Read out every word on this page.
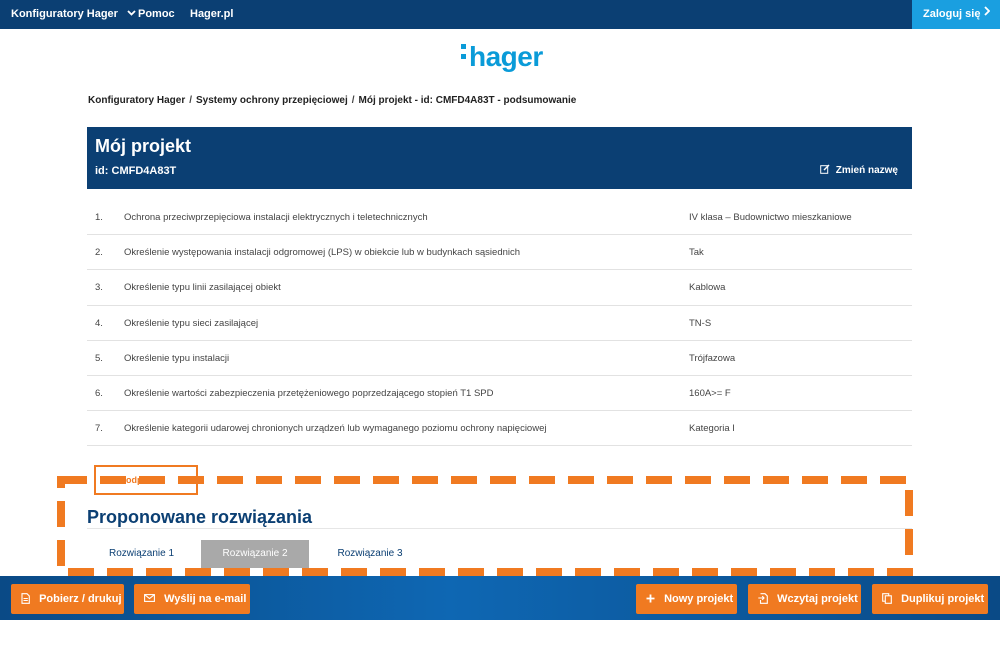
Konfiguratory Hager	Pomoc Hager.pl	Zaloguj się
hager
Konfiguratory Hager / Systemy ochrony przepięciowej / Mój projekt - id: CMFD4A83T - podsumowanie
Mój projekt
id: CMFD4A83T	Zmień nazwę
1. Ochrona przeciwprzepięciowa instalacji elektrycznych i teletechnicznych	IV klasa – Budownictwo mieszkaniowe
2. Określenie występowania instalacji odgromowej (LPS) w obiekcie lub w budynkach sąsiednich	Tak
3. Określenie typu linii zasilającej obiekt	Kablowa
4. Określenie typu sieci zasilającej	TN-S
5. Określenie typu instalacji	Trójfazowa
6. Określenie wartości zabezpieczenia przetężeniowego poprzedzającego stopień T1 SPD	160A>= F
7. Określenie kategorii udarowej chronionych urządzeń lub wymaganego poziomu ochrony napięciowej	Kategoria I
Proponowane rozwiązania
Rozwiązanie 1	Rozwiązanie 2	Rozwiązanie 3
odp
Pobierz / drukuj	Wyślij na e-mail	Nowy projekt	Wczytaj projekt	Duplikuj projekt
